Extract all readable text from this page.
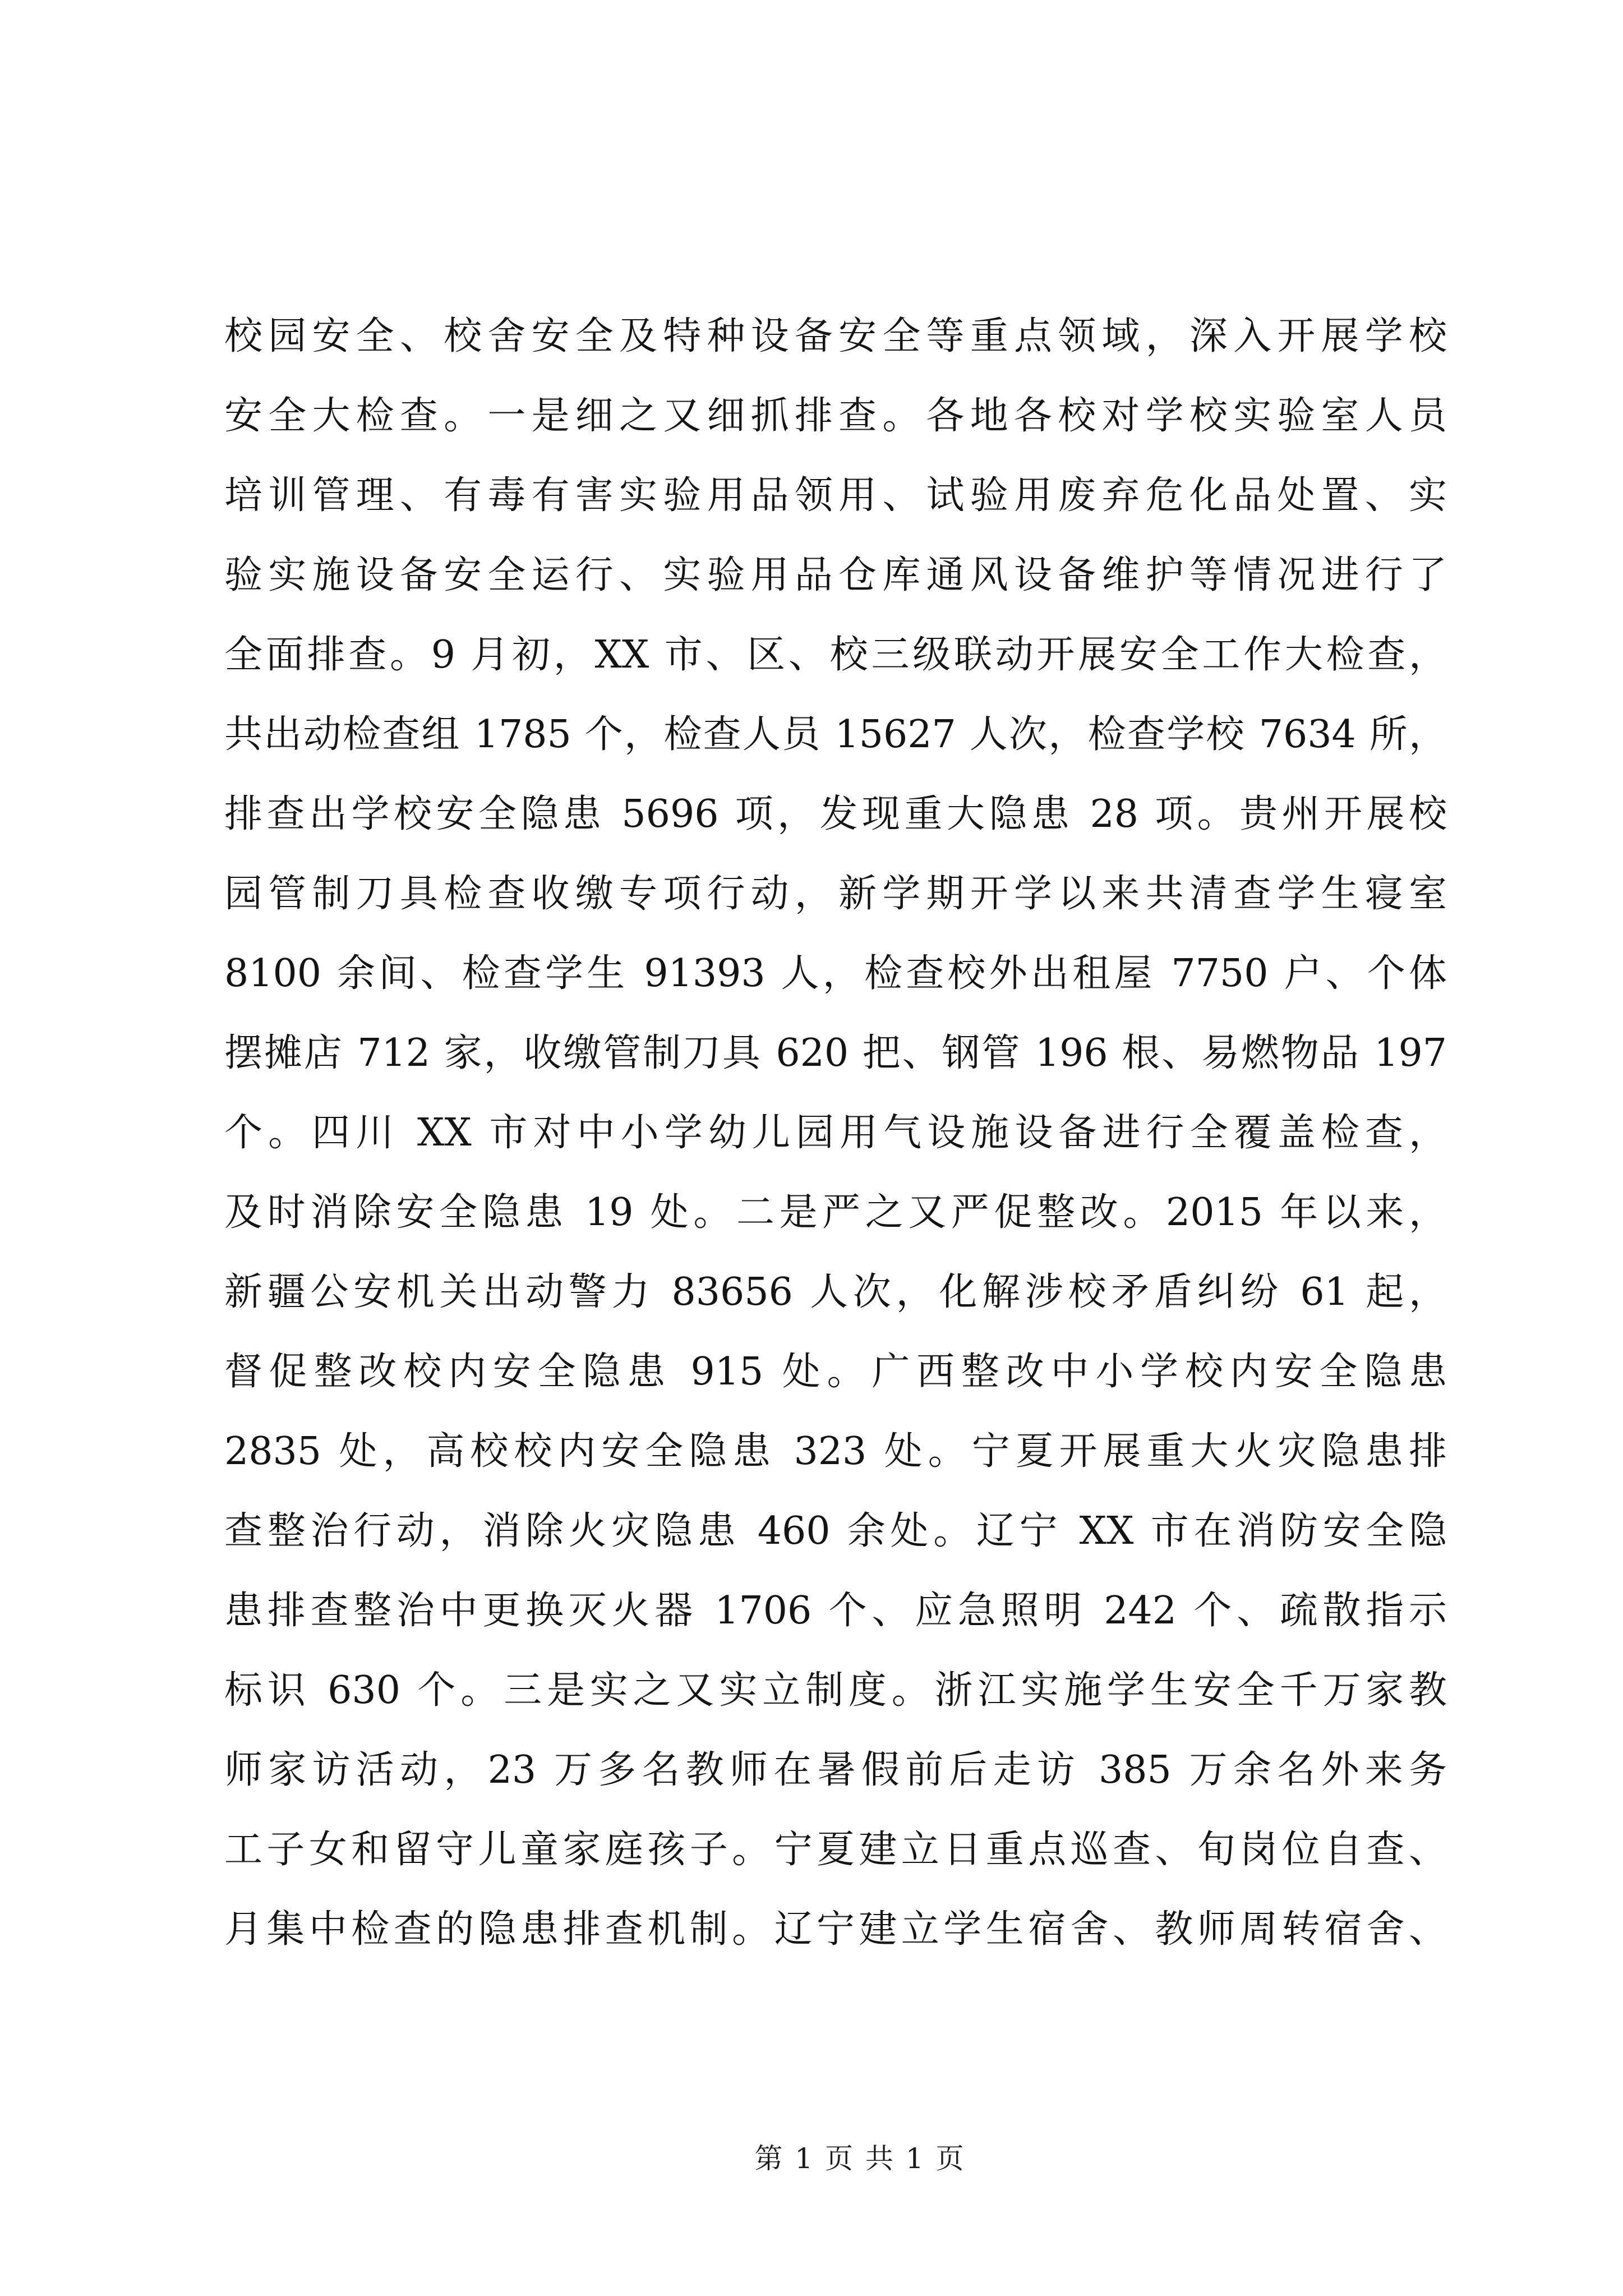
校园安全、校舍安全及特种设备安全等重点领域，深入开展学校
安全大检查。一是细之又细抓排查。各地各校对学校实验室人员
培训管理、有毒有害实验用品领用、试验用废弃危化品处置、实
验实施设备安全运行、实验用品仓库通风设备维护等情况进行了
全面排查。9 月初，XX 市、区、校三级联动开展安全工作大检查，
共出动检查组 1785 个，检查人员 15627 人次，检查学校 7634 所，
排查出学校安全隐患 5696 项，发现重大隐患 28 项。贵州开展校
园管制刀具检查收缴专项行动，新学期开学以来共清查学生寝室
8100 余间、检查学生 91393 人，检查校外出租屋 7750 户、个体
摆摊店 712 家，收缴管制刀具 620 把、钢管 196 根、易燃物品 197
个。四川 XX 市对中小学幼儿园用气设施设备进行全覆盖检查，
及时消除安全隐患 19 处。二是严之又严促整改。2015 年以来，
新疆公安机关出动警力 83656 人次，化解涉校矛盾纠纷 61 起，
督促整改校内安全隐患 915 处。广西整改中小学校内安全隐患
2835 处，高校校内安全隐患 323 处。宁夏开展重大火灾隐患排
查整治行动，消除火灾隐患 460 余处。辽宁 XX 市在消防安全隐
患排查整治中更换灭火器 1706 个、应急照明 242 个、疏散指示
标识 630 个。三是实之又实立制度。浙江实施学生安全千万家教
师家访活动，23 万多名教师在暑假前后走访 385 万余名外来务
工子女和留守儿童家庭孩子。宁夏建立日重点巡查、旬岗位自查、
月集中检查的隐患排查机制。辽宁建立学生宿舍、教师周转宿舍、
第 1 页 共 1 页
